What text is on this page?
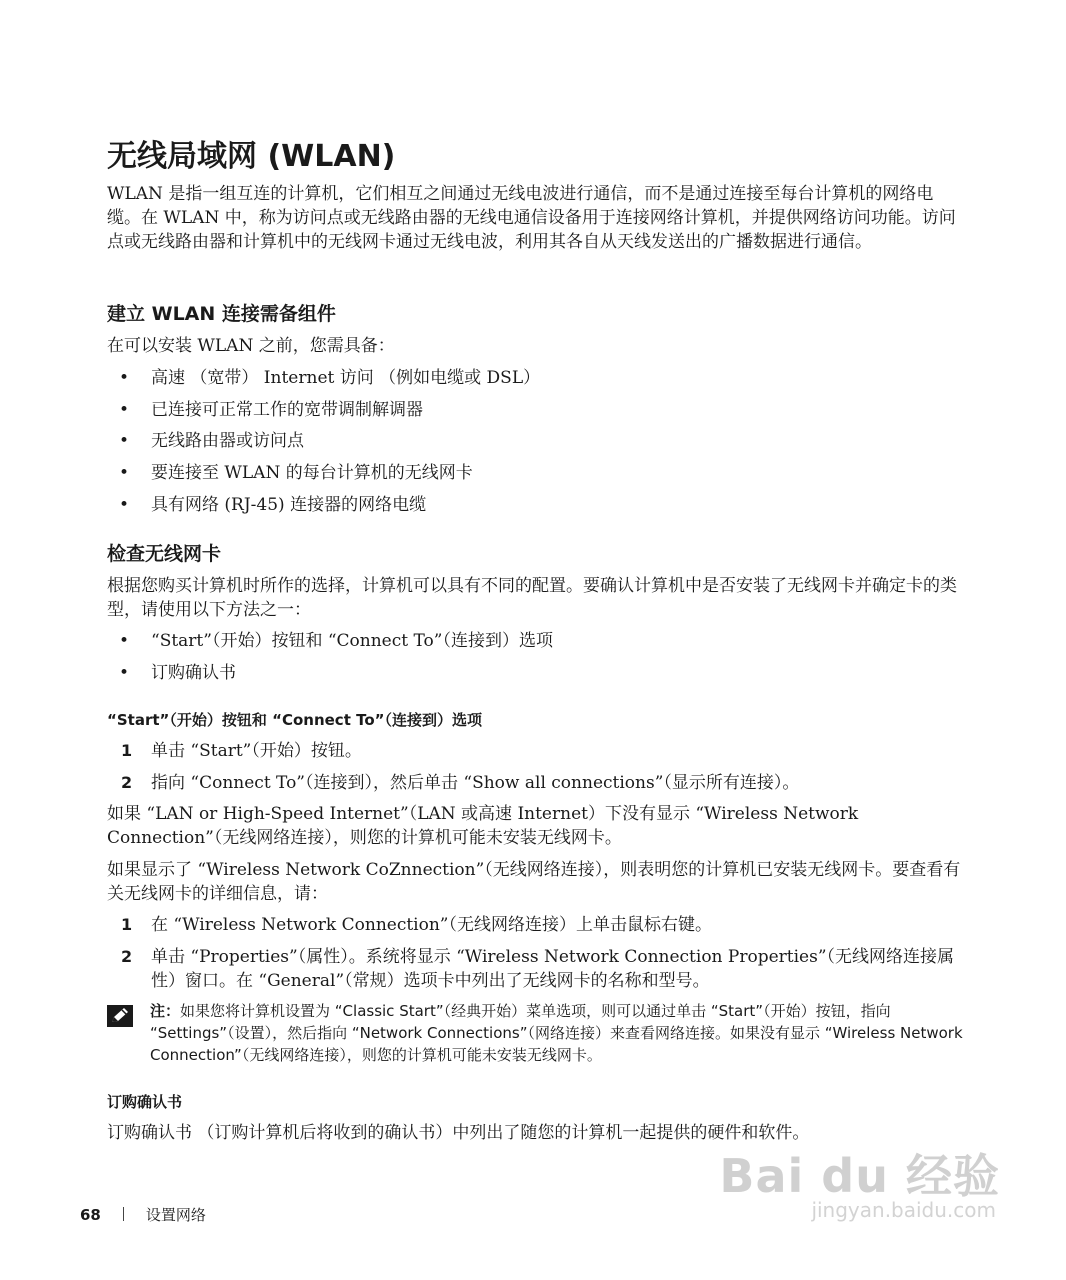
无线局域网 (WLAN)

WLAN 是指一组互连的计算机，它们相互之间通过无线电波进行通信，而不是通过连接至每台计算机的网络电缆。在 WLAN 中，称为访问点或无线路由器的无线电通信设备用于连接网络计算机，并提供网络访问功能。访问点或无线路由器和计算机中的无线网卡通过无线电波，利用其各自从天线发送出的广播数据进行通信。

建立 WLAN 连接需备组件
在可以安装 WLAN 之前，您需具备：
• 高速 （宽带） Internet 访问 （例如电缆或 DSL）
• 已连接可正常工作的宽带调制解调器
• 无线路由器或访问点
• 要连接至 WLAN 的每台计算机的无线网卡
• 具有网络 (RJ-45) 连接器的网络电缆
检查无线网卡

根据您购买计算机时所作的选择，计算机可以具有不同的配置。要确认计算机中是否安装了无线网卡并确定卡的类型，请使用以下方法之一：

• “Start”（开始）按钮和 “Connect To”（连接到）选项
• 订购确认书
“Start”（开始）按钮和 “Connect To”（连接到）选项
1 单击 “Start”（开始）按钮。
2 指向 “Connect To”（连接到），然后单击 “Show all connections”（显示所有连接）。

如果 “LAN or High-Speed Internet”（LAN 或高速 Internet）下没有显示 “Wireless Network Connection”（无线网络连接），则您的计算机可能未安装无线网卡。

如果显示了 “Wireless Network CoZnnection”（无线网络连接），则表明您的计算机已安装无线网卡。要查看有关无线网卡的详细信息，请：

1 在 “Wireless Network Connection”（无线网络连接）上单击鼠标右键。
2 单击 “Properties”（属性）。系统将显示 “Wireless Network Connection Properties”（无线网络连接属性）窗口。在 “General”（常规）选项卡中列出了无线网卡的名称和型号。
注：如果您将计算机设置为 “Classic Start”（经典开始）菜单选项，则可以通过单击 “Start”（开始）按钮，指向 “Settings”（设置），然后指向 “Network Connections”（网络连接）来查看网络连接。如果没有显示 “Wireless Network Connection”（无线网络连接），则您的计算机可能未安装无线网卡。
订购确认书
订购确认书 （订购计算机后将收到的确认书）中列出了随您的计算机一起提供的硬件和软件。
68	设置网络
Bai du 经验
jingyan.baidu.com
